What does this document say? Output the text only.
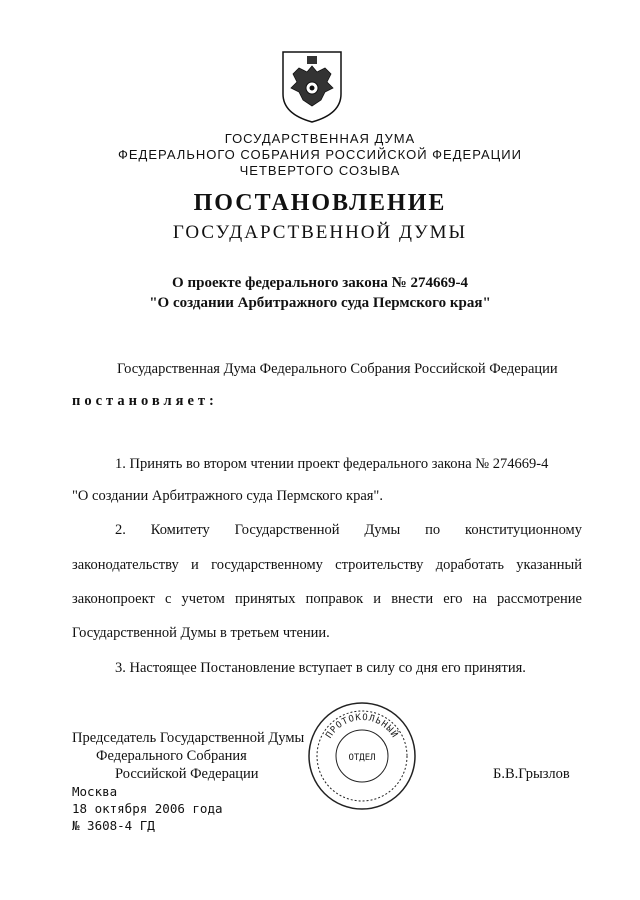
ГОСУДАРСТВЕННАЯ ДУМА
ФЕДЕРАЛЬНОГО СОБРАНИЯ РОССИЙСКОЙ ФЕДЕРАЦИИ
ЧЕТВЕРТОГО СОЗЫВА
ПОСТАНОВЛЕНИЕ
ГОСУДАРСТВЕННОЙ ДУМЫ
О проекте федерального закона № 274669-4
"О создании Арбитражного суда Пермского края"
Государственная Дума Федерального Собрания Российской Федерации
постановляет:
1. Принять во втором чтении проект федерального закона № 274669-4
"О создании Арбитражного суда Пермского края".
2. Комитету Государственной Думы по конституционному
законодательству и государственному строительству доработать указанный
законопроект с учетом принятых поправок и внести его на рассмотрение
Государственной Думы в третьем чтении.
3. Настоящее Постановление вступает в силу со дня его принятия.
Председатель Государственной Думы
Федерального Собрания
Российской Федерации	Б.В.Грызлов
ПРОТОКОЛЬНЫЙ
ОТДЕЛ
Москва
18 октября 2006 года
№ 3608-4 ГД
